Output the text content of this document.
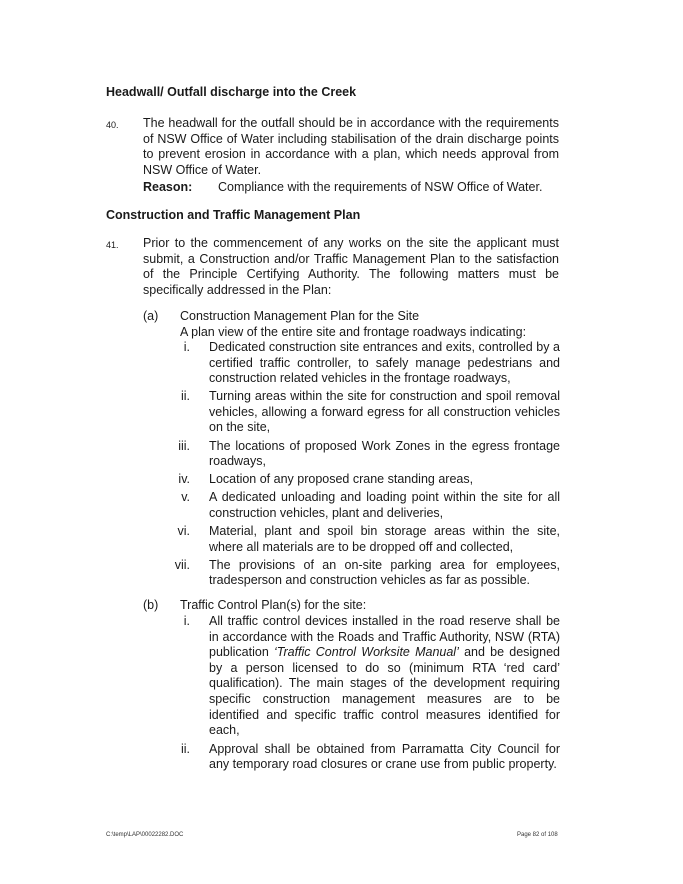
Headwall/ Outfall discharge into the Creek
40. The headwall for the outfall should be in accordance with the requirements of NSW Office of Water including stabilisation of the drain discharge points to prevent erosion in accordance with a plan, which needs approval from NSW Office of Water.

Reason: Compliance with the requirements of NSW Office of Water.
Construction and Traffic Management Plan
41. Prior to the commencement of any works on the site the applicant must submit, a Construction and/or Traffic Management Plan to the satisfaction of the Principle Certifying Authority. The following matters must be specifically addressed in the Plan:

(a) Construction Management Plan for the Site
A plan view of the entire site and frontage roadways indicating:
i.	Dedicated construction site entrances and exits, controlled by a certified traffic controller, to safely manage pedestrians and construction related vehicles in the frontage roadways,
ii.	Turning areas within the site for construction and spoil removal vehicles, allowing a forward egress for all construction vehicles on the site,
iii.	The locations of proposed Work Zones in the egress frontage roadways,
iv.	Location of any proposed crane standing areas,
v.	A dedicated unloading and loading point within the site for all construction vehicles, plant and deliveries,
vi.	Material, plant and spoil bin storage areas within the site, where all materials are to be dropped off and collected,
vii.	The provisions of an on-site parking area for employees, tradesperson and construction vehicles as far as possible.
(b) Traffic Control Plan(s) for the site:
i.	All traffic control devices installed in the road reserve shall be in accordance with the Roads and Traffic Authority, NSW (RTA) publication ‘Traffic Control Worksite Manual’ and be designed by a person licensed to do so (minimum RTA ‘red card’ qualification). The main stages of the development requiring specific construction management measures are to be identified and specific traffic control measures identified for each,
ii.	Approval shall be obtained from Parramatta City Council for any temporary road closures or crane use from public property.
C:\temp\LAP\00022282.DOC	Page 82 of 108
